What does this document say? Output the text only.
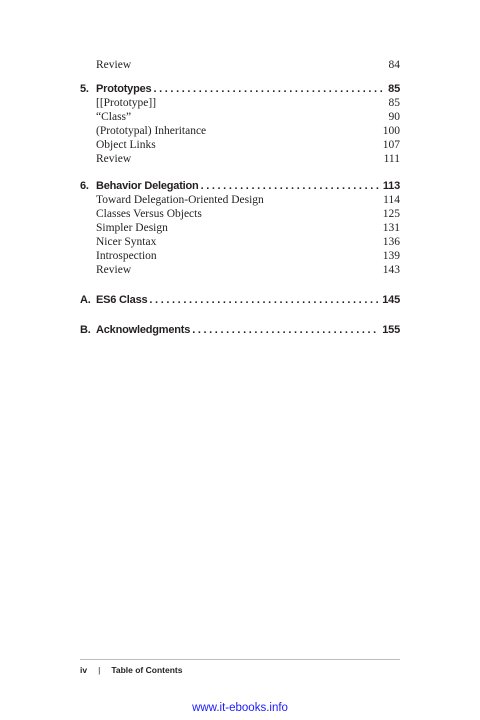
Review	84
5. Prototypes .....	85
[[Prototype]]	85
“Class”	90
(Prototypal) Inheritance	100
Object Links	107
Review	111
6. Behavior Delegation .....	113
Toward Delegation-Oriented Design	114
Classes Versus Objects	125
Simpler Design	131
Nicer Syntax	136
Introspection	139
Review	143
A. ES6 Class .....	145
B. Acknowledgments .....	155
iv | Table of Contents
www.it-ebooks.info
